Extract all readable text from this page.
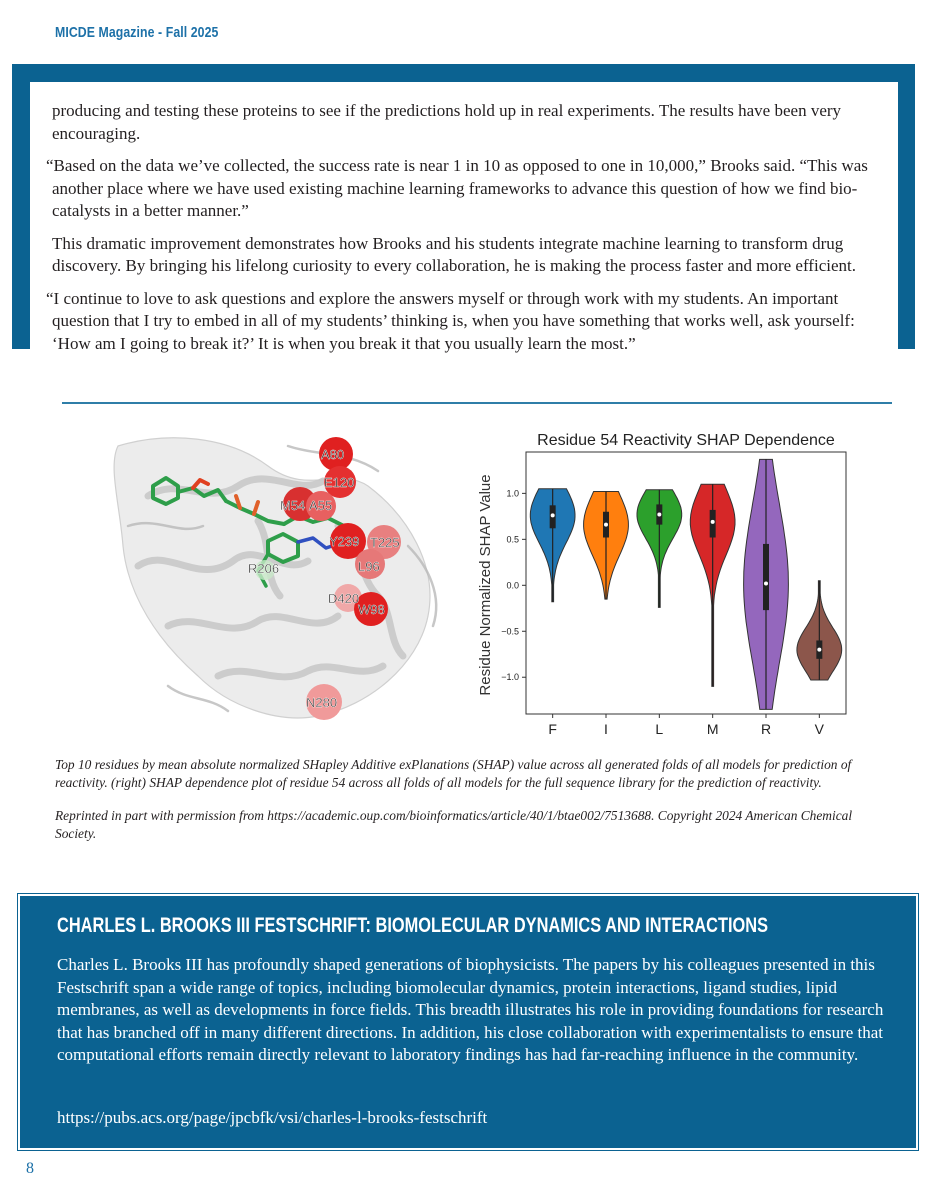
MICDE Magazine - Fall 2025

producing and testing these proteins to see if the predictions hold up in real experiments. The results have been very encouraging.

“Based on the data we’ve collected, the success rate is near 1 in 10 as opposed to one in 10,000,” Brooks said. “This was another place where we have used existing machine learning frameworks to advance this question of how we find bio-catalysts in a better manner.”

This dramatic improvement demonstrates how Brooks and his students integrate machine learning to transform drug discovery. By bringing his lifelong curiosity to every collaboration, he is making the process faster and more efficient.

“I continue to love to ask questions and explore the answers myself or through work with my students. An important question that I try to embed in all of my students’ thinking is, when you have something that works well, ask yourself: ‘How am I going to break it?’ It is when you break it that you usually learn the most.”

A80
E120
M54 A55
Y239 T225
L96
R206
D420
W98
N280
Residue 54 Reactivity SHAP Dependence
Residue Normalized SHAP Value 1.0
0.5
0.0
−0.5
−1.0
F	I	L	M	R	V

Top 10 residues by mean absolute normalized SHapley Additive exPlanations (SHAP) value across all generated folds of all models for prediction of reactivity. (right) SHAP dependence plot of residue 54 across all folds of all models for the full sequence library for the prediction of reactivity.

Reprinted in part with permission from https://academic.oup.com/bioinformatics/article/40/1/btae002/7513688. Copyright 2024 American Chemical Society.

CHARLES L. BROOKS III FESTSCHRIFT: BIOMOLECULAR DYNAMICS AND INTERACTIONS
Charles L. Brooks III has profoundly shaped generations of biophysicists. The papers by his colleagues presented in this Festschrift span a wide range of topics, including biomolecular dynamics, protein interactions, ligand studies, lipid membranes, as well as developments in force fields. This breadth illustrates his role in providing foundations for research that has branched off in many different directions. In addition, his close collaboration with experimentalists to ensure that computational efforts remain directly relevant to laboratory findings has had far-reaching influence in the community.
https://pubs.acs.org/page/jpcbfk/vsi/charles-l-brooks-festschrift
8
